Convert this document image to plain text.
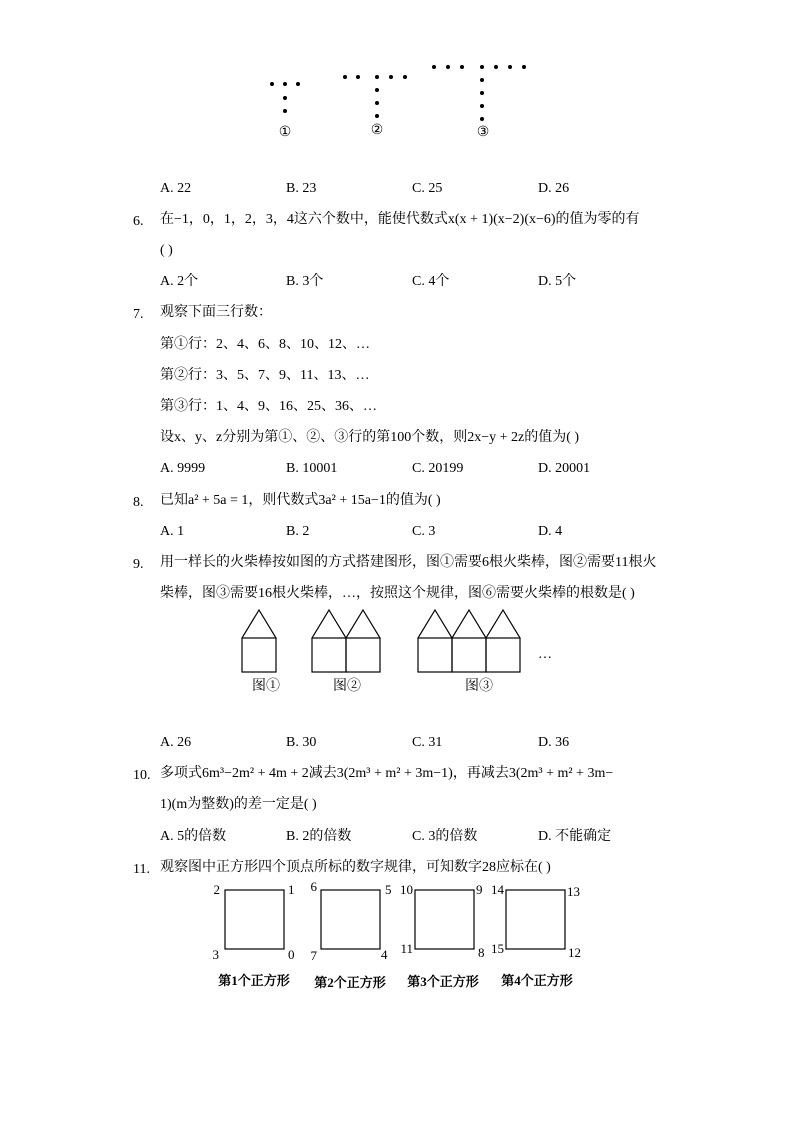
①	②	③
A. 22	B. 23	C. 25	D. 26
6. 在−1，0，1，2，3，4这六个数中，能使代数式x(x + 1)(x−2)(x−6)的值为零的有
( )
A. 2个	B. 3个	C. 4个	D. 5个
7. 观察下面三行数：
第①行：2、4、6、8、10、12、…
第②行：3、5、7、9、11、13、…
第③行：1、4、9、16、25、36、…
设x、y、z分别为第①、②、③行的第100个数，则2x−y + 2z的值为( )
A. 9999	B. 10001	C. 20199	D. 20001
8. 已知a² + 5a = 1，则代数式3a² + 15a−1的值为( )
A. 1	B. 2	C. 3	D. 4
9. 用一样长的火柴棒按如图的方式搭建图形，图①需要6根火柴棒，图②需要11根火
柴棒，图③需要16根火柴棒，…，按照这个规律，图⑥需要火柴棒的根数是( )
…
图①	图②	图③
A. 26	B. 30	C. 31	D. 36
10. 多项式6m³−2m² + 4m + 2减去3(2m³ + m² + 3m−1)，再减去3(2m³ + m² + 3m−
1)(m为整数)的差一定是( )
A. 5的倍数	B. 2的倍数	C. 3的倍数	D. 不能确定
11. 观察图中正方形四个顶点所标的数字规律，可知数字28应标在( )
2	1
3	0
6	5
7	4
10	9
11	8
14	13
15	12
第1个正方形 第2个正方形 第3个正方形 第4个正方形
